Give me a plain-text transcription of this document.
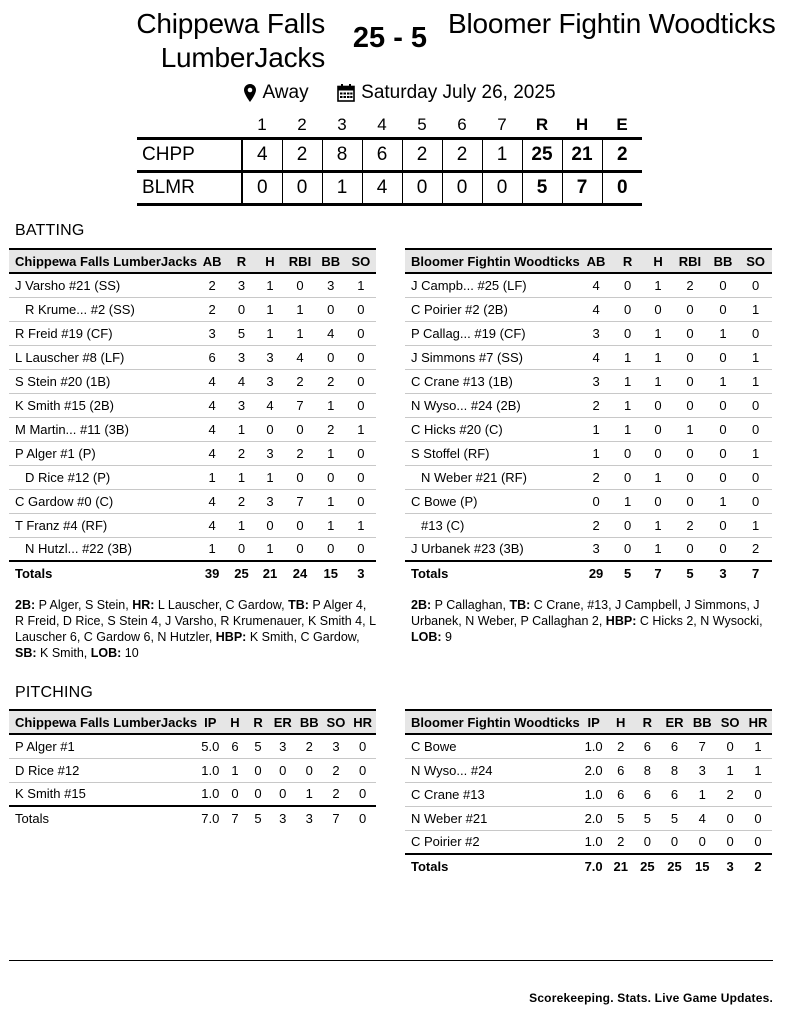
Chippewa Falls LumberJacks
25 - 5 Bloomer Fightin Woodticks
Away
	Saturday July 26, 2025
	1	2	3	4	5	6	7	R	H	E
CHPP	4	2	8	6	2	2	1	25	21	2
BLMR	0	0	1	4	0	0	0	5	7	0
BATTING
Chippewa Falls LumberJacks	AB	R	H	RBI	BB	SO
J Varsho #21 (SS)	2	3	1	0	3	1
R Krume... #2 (SS)	2	0	1	1	0	0
R Freid #19 (CF)	3	5	1	1	4	0
L Lauscher #8 (LF)	6	3	3	4	0	0
S Stein #20 (1B)	4	4	3	2	2	0
K Smith #15 (2B)	4	3	4	7	1	0
M Martin... #11 (3B)	4	1	0	0	2	1
P Alger #1 (P)	4	2	3	2	1	0
D Rice #12 (P)	1	1	1	0	0	0
C Gardow #0 (C)	4	2	3	7	1	0
T Franz #4 (RF)	4	1	0	0	1	1
N Hutzl... #22 (3B)	1	0	1	0	0	0
Totals	39	25	21	24	15	3
Bloomer Fightin Woodticks	AB	R	H	RBI	BB	SO
J Campb... #25 (LF)	4	0	1	2	0	0
C Poirier #2 (2B)	4	0	0	0	0	1
P Callag... #19 (CF)	3	0	1	0	1	0
J Simmons #7 (SS)	4	1	1	0	0	1
C Crane #13 (1B)	3	1	1	0	1	1
N Wyso... #24 (2B)	2	1	0	0	0	0
C Hicks #20 (C)	1	1	0	1	0	0
S Stoffel (RF)	1	0	0	0	0	1
N Weber #21 (RF)	2	0	1	0	0	0
C Bowe (P)	0	1	0	0	1	0
#13 (C)	2	0	1	2	0	1
J Urbanek #23 (3B)	3	0	1	0	0	2
Totals	29	5	7	5	3	7
2B: P Alger, S Stein, HR: L Lauscher, C Gardow, TB: P Alger 4, R Freid, D Rice, S Stein 4, J Varsho, R Krumenauer, K Smith 4, L Lauscher 6, C Gardow 6, N Hutzler, HBP: K Smith, C Gardow, SB: K Smith, LOB: 10
2B: P Callaghan, TB: C Crane, #13, J Campbell, J Simmons, J Urbanek, N Weber, P Callaghan 2, HBP: C Hicks 2, N Wysocki, LOB: 9
PITCHING
Chippewa Falls LumberJacks	IP	H	R	ER	BB	SO	HR
P Alger #1	5.0	6	5	3	2	3	0
D Rice #12	1.0	1	0	0	0	2	0
K Smith #15	1.0	0	0	0	1	2	0
Totals	7.0	7	5	3	3	7	0
Bloomer Fightin Woodticks	IP	H	R	ER	BB	SO	HR
C Bowe	1.0	2	6	6	7	0	1
N Wyso... #24	2.0	6	8	8	3	1	1
C Crane #13	1.0	6	6	6	1	2	0
N Weber #21	2.0	5	5	5	4	0	0
C Poirier #2	1.0	2	0	0	0	0	0
Totals	7.0	21	25	25	15	3	2
Scorekeeping. Stats. Live Game Updates.
